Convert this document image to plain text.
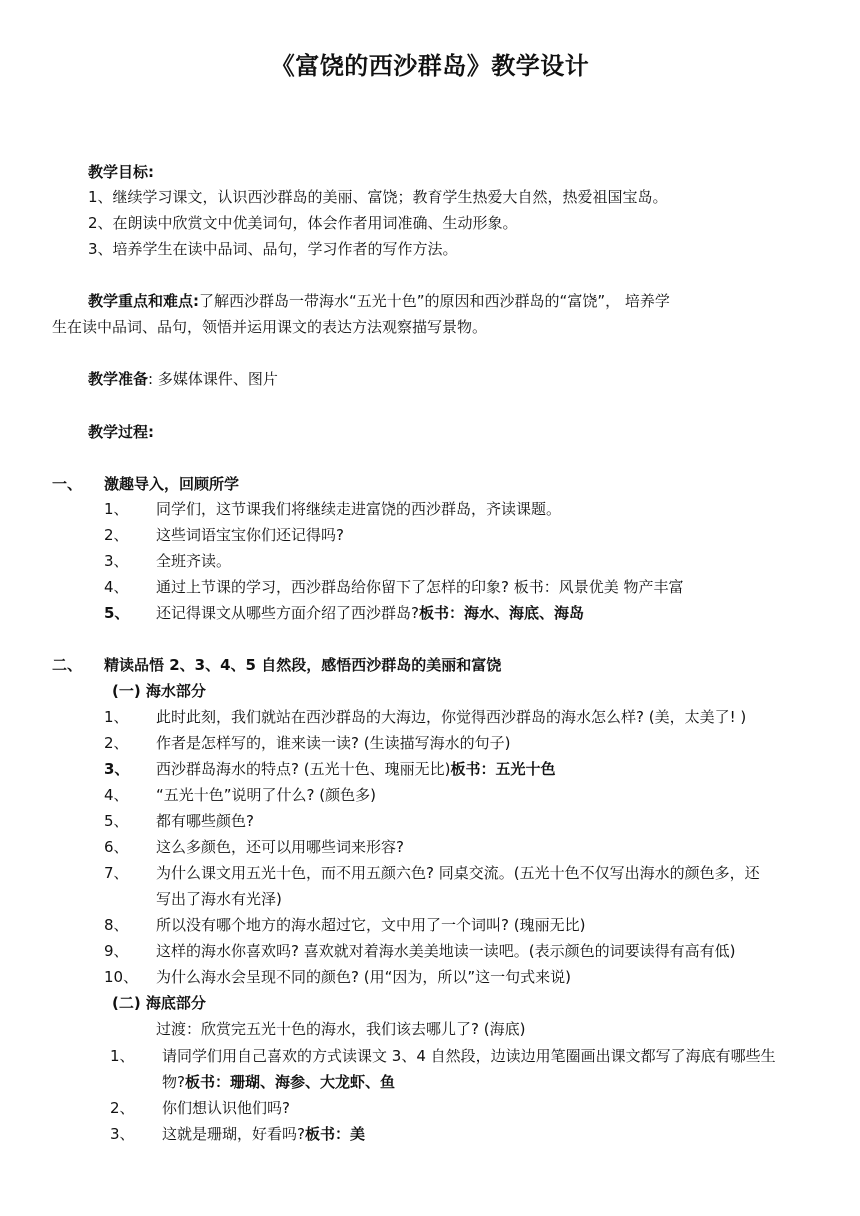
《富饶的西沙群岛》教学设计
教学目标:
1、继续学习课文，认识西沙群岛的美丽、富饶；教育学生热爱大自然，热爱祖国宝岛。
2、在朗读中欣赏文中优美词句，体会作者用词准确、生动形象。
3、培养学生在读中品词、品句，学习作者的写作方法。
教学重点和难点:了解西沙群岛一带海水“五光十色”的原因和西沙群岛的“富饶”， 培养学
生在读中品词、品句，领悟并运用课文的表达方法观察描写景物。
教学准备: 多媒体课件、图片
教学过程:
一、 激趣导入，回顾所学
1、 同学们，这节课我们将继续走进富饶的西沙群岛，齐读课题。
2、 这些词语宝宝你们还记得吗?
3、 全班齐读。
4、 通过上节课的学习，西沙群岛给你留下了怎样的印象? 板书：风景优美 物产丰富
5、 还记得课文从哪些方面介绍了西沙群岛?板书：海水、海底、海岛
二、 精读品悟 2、3、4、5 自然段，感悟西沙群岛的美丽和富饶
(一) 海水部分
1、 此时此刻，我们就站在西沙群岛的大海边，你觉得西沙群岛的海水怎么样? (美，太美了! )
2、 作者是怎样写的，谁来读一读? (生读描写海水的句子)
3、 西沙群岛海水的特点? (五光十色、瑰丽无比)板书：五光十色
4、 “五光十色”说明了什么? (颜色多)
5、 都有哪些颜色?
6、 这么多颜色，还可以用哪些词来形容?
7、 为什么课文用五光十色，而不用五颜六色? 同桌交流。(五光十色不仅写出海水的颜色多，还
写出了海水有光泽)
8、 所以没有哪个地方的海水超过它，文中用了一个词叫? (瑰丽无比)
9、 这样的海水你喜欢吗? 喜欢就对着海水美美地读一读吧。(表示颜色的词要读得有高有低)
10、 为什么海水会呈现不同的颜色? (用“因为，所以”这一句式来说)
(二) 海底部分
过渡：欣赏完五光十色的海水，我们该去哪儿了? (海底)
1、 请同学们用自己喜欢的方式读课文 3、4 自然段，边读边用笔圈画出课文都写了海底有哪些生
物?板书：珊瑚、海参、大龙虾、鱼
2、 你们想认识他们吗?
3、 这就是珊瑚，好看吗?板书：美
